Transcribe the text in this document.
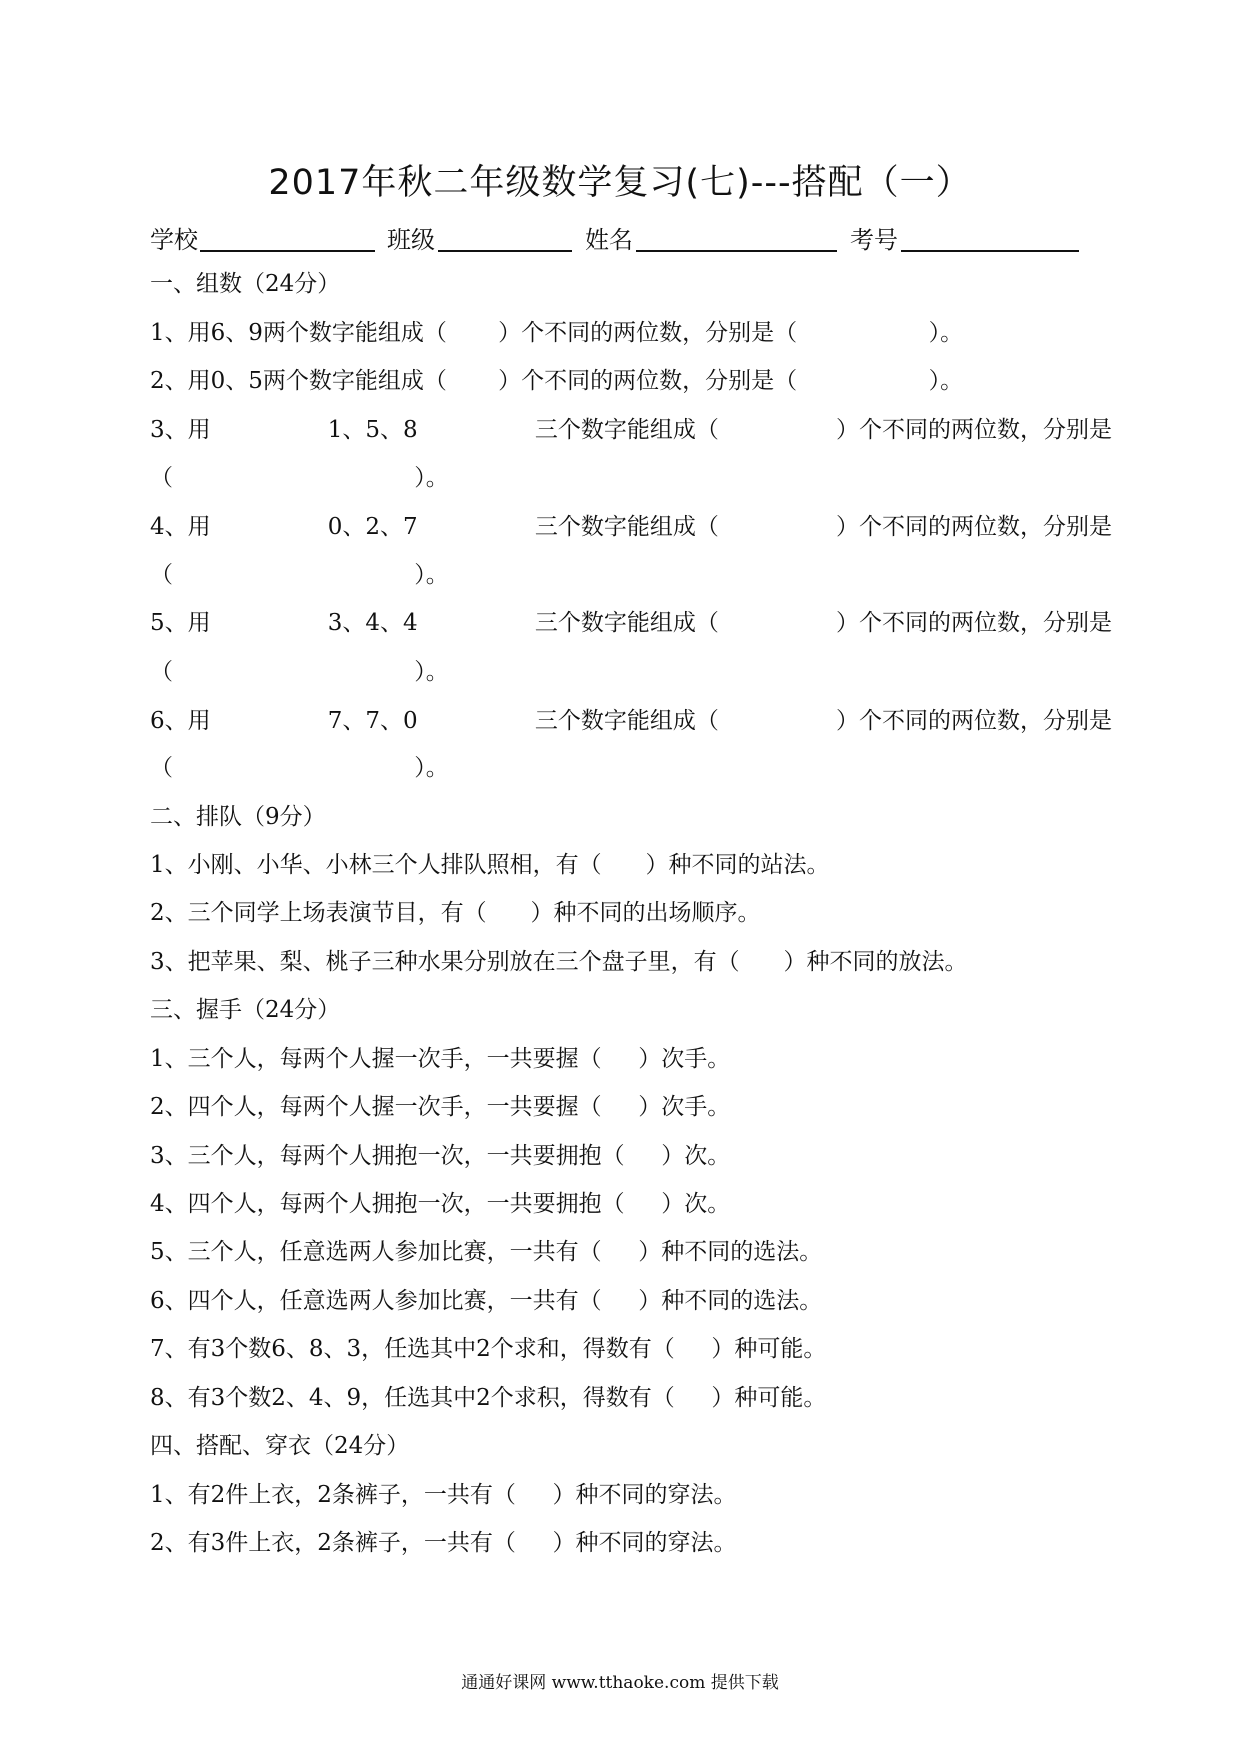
2017年秋二年级数学复习(七)---搭配（一）
学校	班级	姓名	考号
一、组数（24分）
1、用6、9两个数字能组成（       ）个不同的两位数，分别是（                  ）。
2、用0、5两个数字能组成（       ）个不同的两位数，分别是（                  ）。
3、用	1、5、8	三个数字能组成（	）个不同的两位数，分别是
（                                 ）。
4、用	0、2、7	三个数字能组成（	）个不同的两位数，分别是
（                                 ）。
5、用	3、4、4	三个数字能组成（	）个不同的两位数，分别是
（                                 ）。
6、用	7、7、0	三个数字能组成（	）个不同的两位数，分别是
（                                 ）。
二、排队（9分）
1、小刚、小华、小林三个人排队照相，有（      ）种不同的站法。
2、三个同学上场表演节目，有（      ）种不同的出场顺序。
3、把苹果、梨、桃子三种水果分别放在三个盘子里，有（      ）种不同的放法。
三、握手（24分）
1、三个人，每两个人握一次手，一共要握（     ）次手。
2、四个人，每两个人握一次手，一共要握（     ）次手。
3、三个人，每两个人拥抱一次，一共要拥抱（     ）次。
4、四个人，每两个人拥抱一次，一共要拥抱（     ）次。
5、三个人，任意选两人参加比赛，一共有（     ）种不同的选法。
6、四个人，任意选两人参加比赛，一共有（     ）种不同的选法。
7、有3个数6、8、3，任选其中2个求和，得数有（     ）种可能。
8、有3个数2、4、9，任选其中2个求积，得数有（     ）种可能。
四、搭配、穿衣（24分）
1、有2件上衣，2条裤子，一共有（     ）种不同的穿法。
2、有3件上衣，2条裤子，一共有（     ）种不同的穿法。
通通好课网 www.tthaoke.com 提供下载
